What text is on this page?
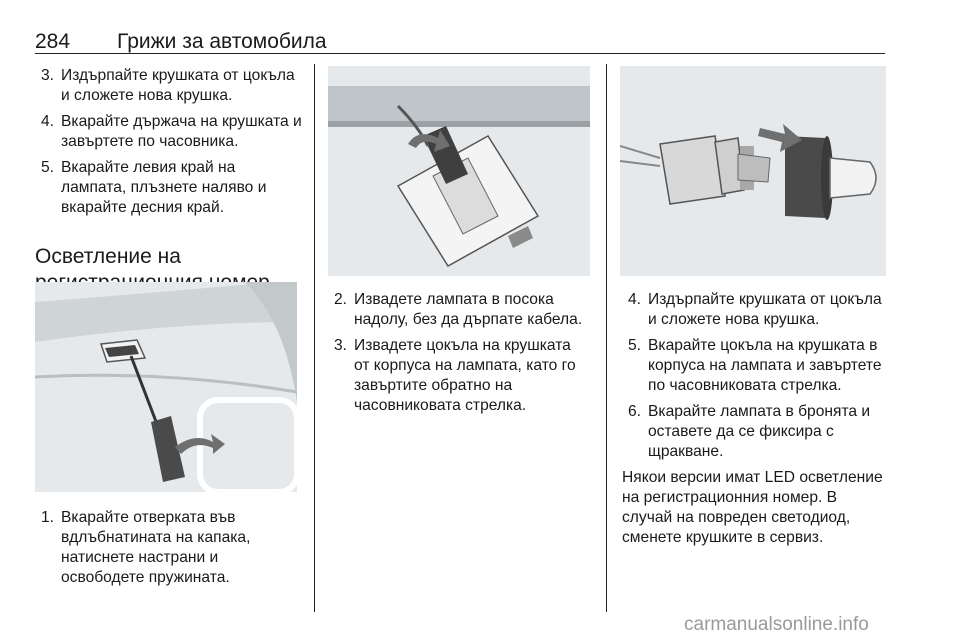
284 Грижи за автомобила
3. Издърпайте крушката от цокъла и сложете нова крушка.
4. Вкарайте държача на крушката и завъртете по часовника.
5. Вкарайте левия край на лампата, плъзнете наляво и вкарайте десния край.
Осветление на
1. Вкарайте отверката във вдлъбнатината на капака, натиснете настрани и освободете пружината.
2. Извадете лампата в посока надолу, без да дърпате кабела.
3. Извадете цокъла на крушката от корпуса на лампата, като го завъртите обратно на часовниковата стрелка.
4. Издърпайте крушката от цокъла и сложете нова крушка.
5. Вкарайте цокъла на крушката в корпуса на лампата и завъртете по часовниковата стрелка.
6. Вкарайте лампата в бронята и оставете да се фиксира с щракване.
Някои версии имат LED осветление на регистрационния номер. В случай на повреден светодиод, сменете крушките в сервиз.
carmanualsonline.info
